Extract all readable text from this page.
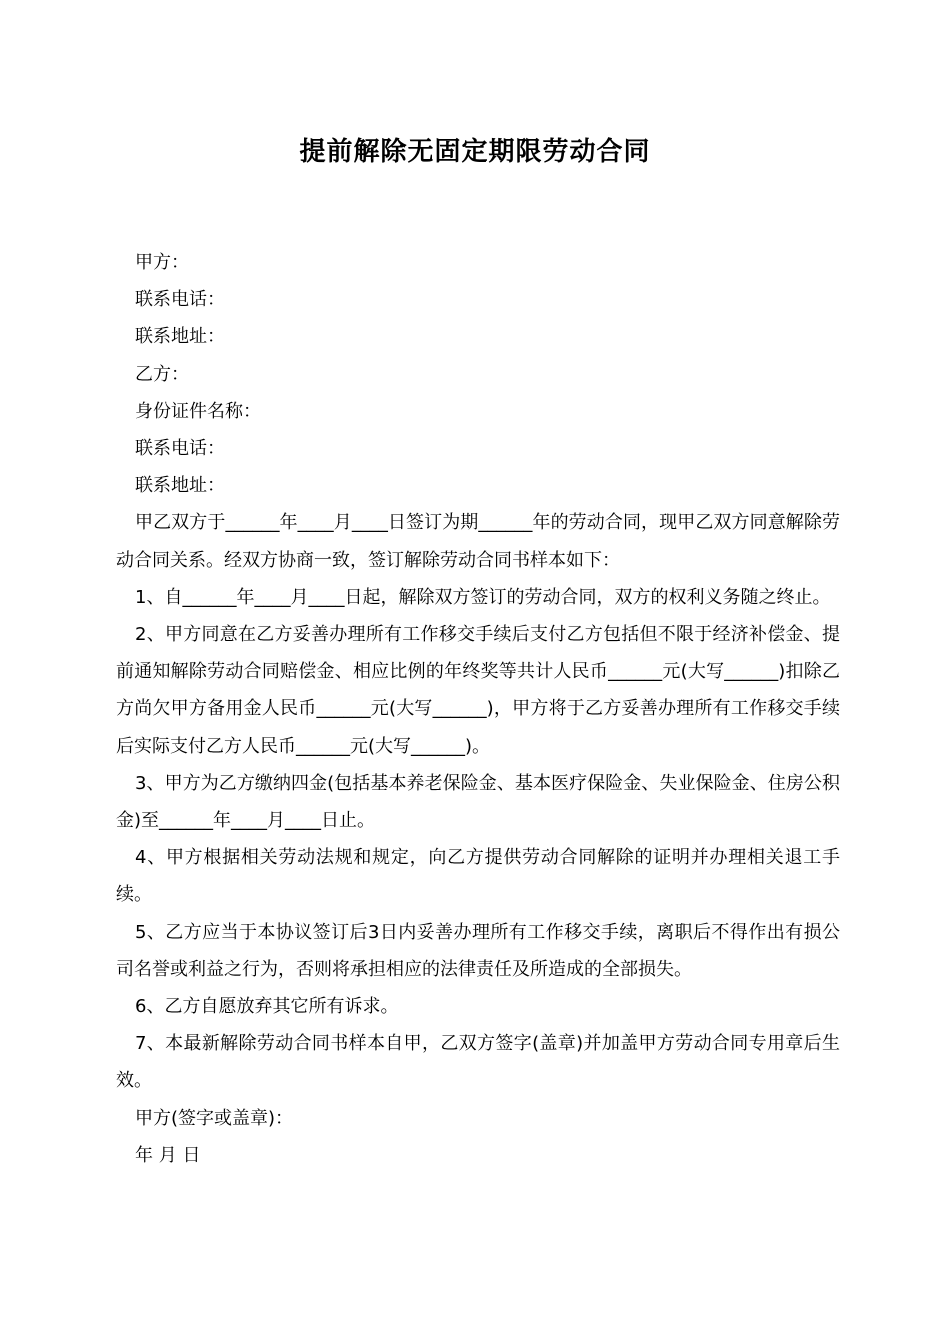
提前解除无固定期限劳动合同

甲方：

联系电话：

联系地址：

乙方：

身份证件名称：

联系电话：

联系地址：

甲乙双方于______年____月____日签订为期______年的劳动合同，现甲乙双方同意解除劳动合同关系。经双方协商一致，签订解除劳动合同书样本如下：

1、自______年____月____日起，解除双方签订的劳动合同，双方的权利义务随之终止。

2、甲方同意在乙方妥善办理所有工作移交手续后支付乙方包括但不限于经济补偿金、提前通知解除劳动合同赔偿金、相应比例的年终奖等共计人民币______元(大写______)扣除乙方尚欠甲方备用金人民币______元(大写______)，甲方将于乙方妥善办理所有工作移交手续后实际支付乙方人民币______元(大写______)。

3、甲方为乙方缴纳四金(包括基本养老保险金、基本医疗保险金、失业保险金、住房公积金)至______年____月____日止。

4、甲方根据相关劳动法规和规定，向乙方提供劳动合同解除的证明并办理相关退工手续。

5、乙方应当于本协议签订后3日内妥善办理所有工作移交手续，离职后不得作出有损公司名誉或利益之行为，否则将承担相应的法律责任及所造成的全部损失。

6、乙方自愿放弃其它所有诉求。

7、本最新解除劳动合同书样本自甲，乙双方签字(盖章)并加盖甲方劳动合同专用章后生效。

甲方(签字或盖章)：

年 月 日
